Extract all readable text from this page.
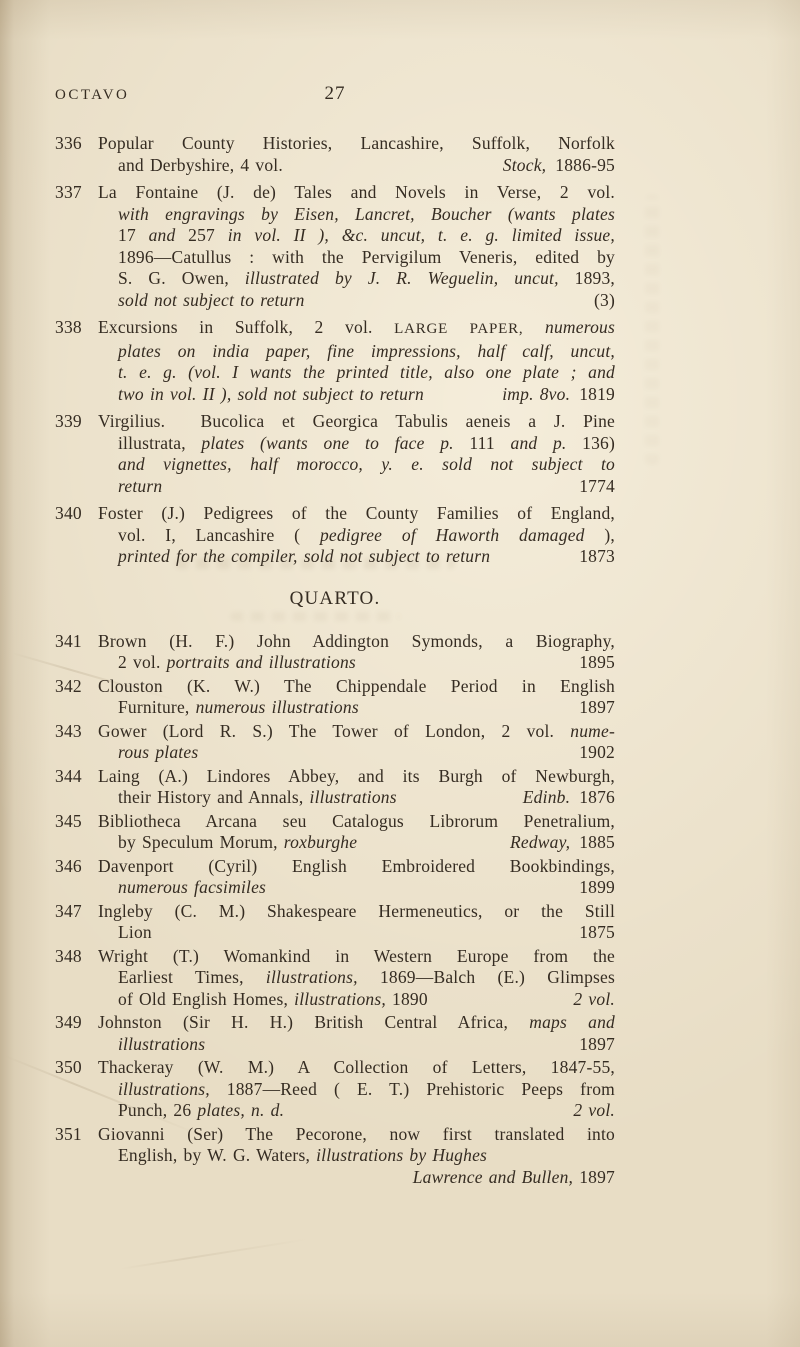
OCTAVO	27
336 Popular County Histories, Lancashire, Suffolk, Norfolk
and Derbyshire, 4 vol.	Stock, 1886-95
337 La Fontaine (J. de) Tales and Novels in Verse, 2 vol.
with engravings by Eisen, Lancret, Boucher (wants plates
17 and 257 in vol. II ), &c. uncut, t. e. g. limited issue,
1896—Catullus : with the Pervigilum Veneris, edited by
S. G. Owen, illustrated by J. R. Weguelin, uncut, 1893,
sold not subject to return	(3)
338 Excursions in Suffolk, 2 vol. LARGE PAPER, numerous
plates on india paper, fine impressions, half calf, uncut,
t. e. g. (vol. I wants the printed title, also one plate ; and
two in vol. II ), sold not subject to return	imp. 8vo. 1819
339 Virgilius.  Bucolica et Georgica Tabulis aeneis a J. Pine
illustrata, plates (wants one to face p. 111 and p. 136)
and vignettes, half morocco, y. e. sold not subject to
return	1774
340 Foster (J.) Pedigrees of the County Families of England,
vol. I, Lancashire ( pedigree of Haworth damaged ),
printed for the compiler, sold not subject to return	1873
QUARTO.
341 Brown (H. F.) John Addington Symonds, a Biography,
2 vol. portraits and illustrations	1895
342 Clouston (K. W.) The Chippendale Period in English
Furniture, numerous illustrations	1897
343 Gower (Lord R. S.) The Tower of London, 2 vol. nume-
rous plates	1902
344 Laing (A.) Lindores Abbey, and its Burgh of Newburgh,
their History and Annals, illustrations	Edinb. 1876
345 Bibliotheca Arcana seu Catalogus Librorum Penetralium,
by Speculum Morum, roxburghe	Redway, 1885
346 Davenport (Cyril) English Embroidered Bookbindings,
numerous facsimiles	1899
347 Ingleby (C. M.) Shakespeare Hermeneutics, or the Still
Lion	1875
348 Wright (T.) Womankind in Western Europe from the
Earliest Times, illustrations, 1869—Balch (E.) Glimpses
of Old English Homes, illustrations, 1890	2 vol.
349 Johnston (Sir H. H.) British Central Africa, maps and
illustrations	1897
350 Thackeray (W. M.) A Collection of Letters, 1847-55,
illustrations, 1887—Reed ( E. T.) Prehistoric Peeps from
Punch, 26 plates, n. d.	2 vol.
351 Giovanni (Ser) The Pecorone, now first translated into
English, by W. G. Waters, illustrations by Hughes
Lawrence and Bullen, 1897
